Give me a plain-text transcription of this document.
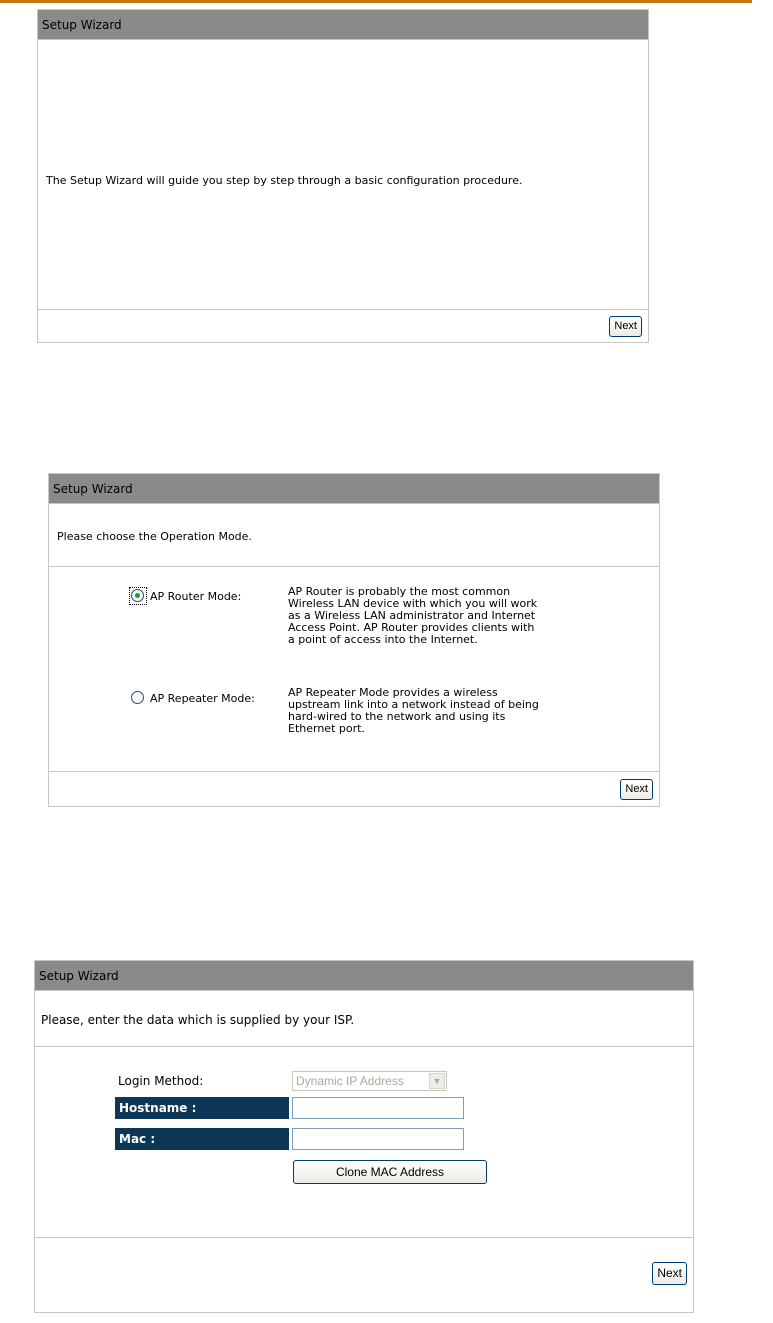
Setup Wizard
The Setup Wizard will guide you step by step through a basic configuration procedure.
Next
Setup Wizard
Please choose the Operation Mode.
AP Router Mode:	AP Router is probably the most common
Wireless LAN device with which you will work
as a Wireless LAN administrator and Internet
Access Point. AP Router provides clients with
a point of access into the Internet.
AP Repeater Mode:	AP Repeater Mode provides a wireless
upstream link into a network instead of being
hard-wired to the network and using its
Ethernet port.
Next
Setup Wizard
Please, enter the data which is supplied by your ISP.
Login Method:	Dynamic IP Address	▼
Hostname :
Mac :
Clone MAC Address
Next
